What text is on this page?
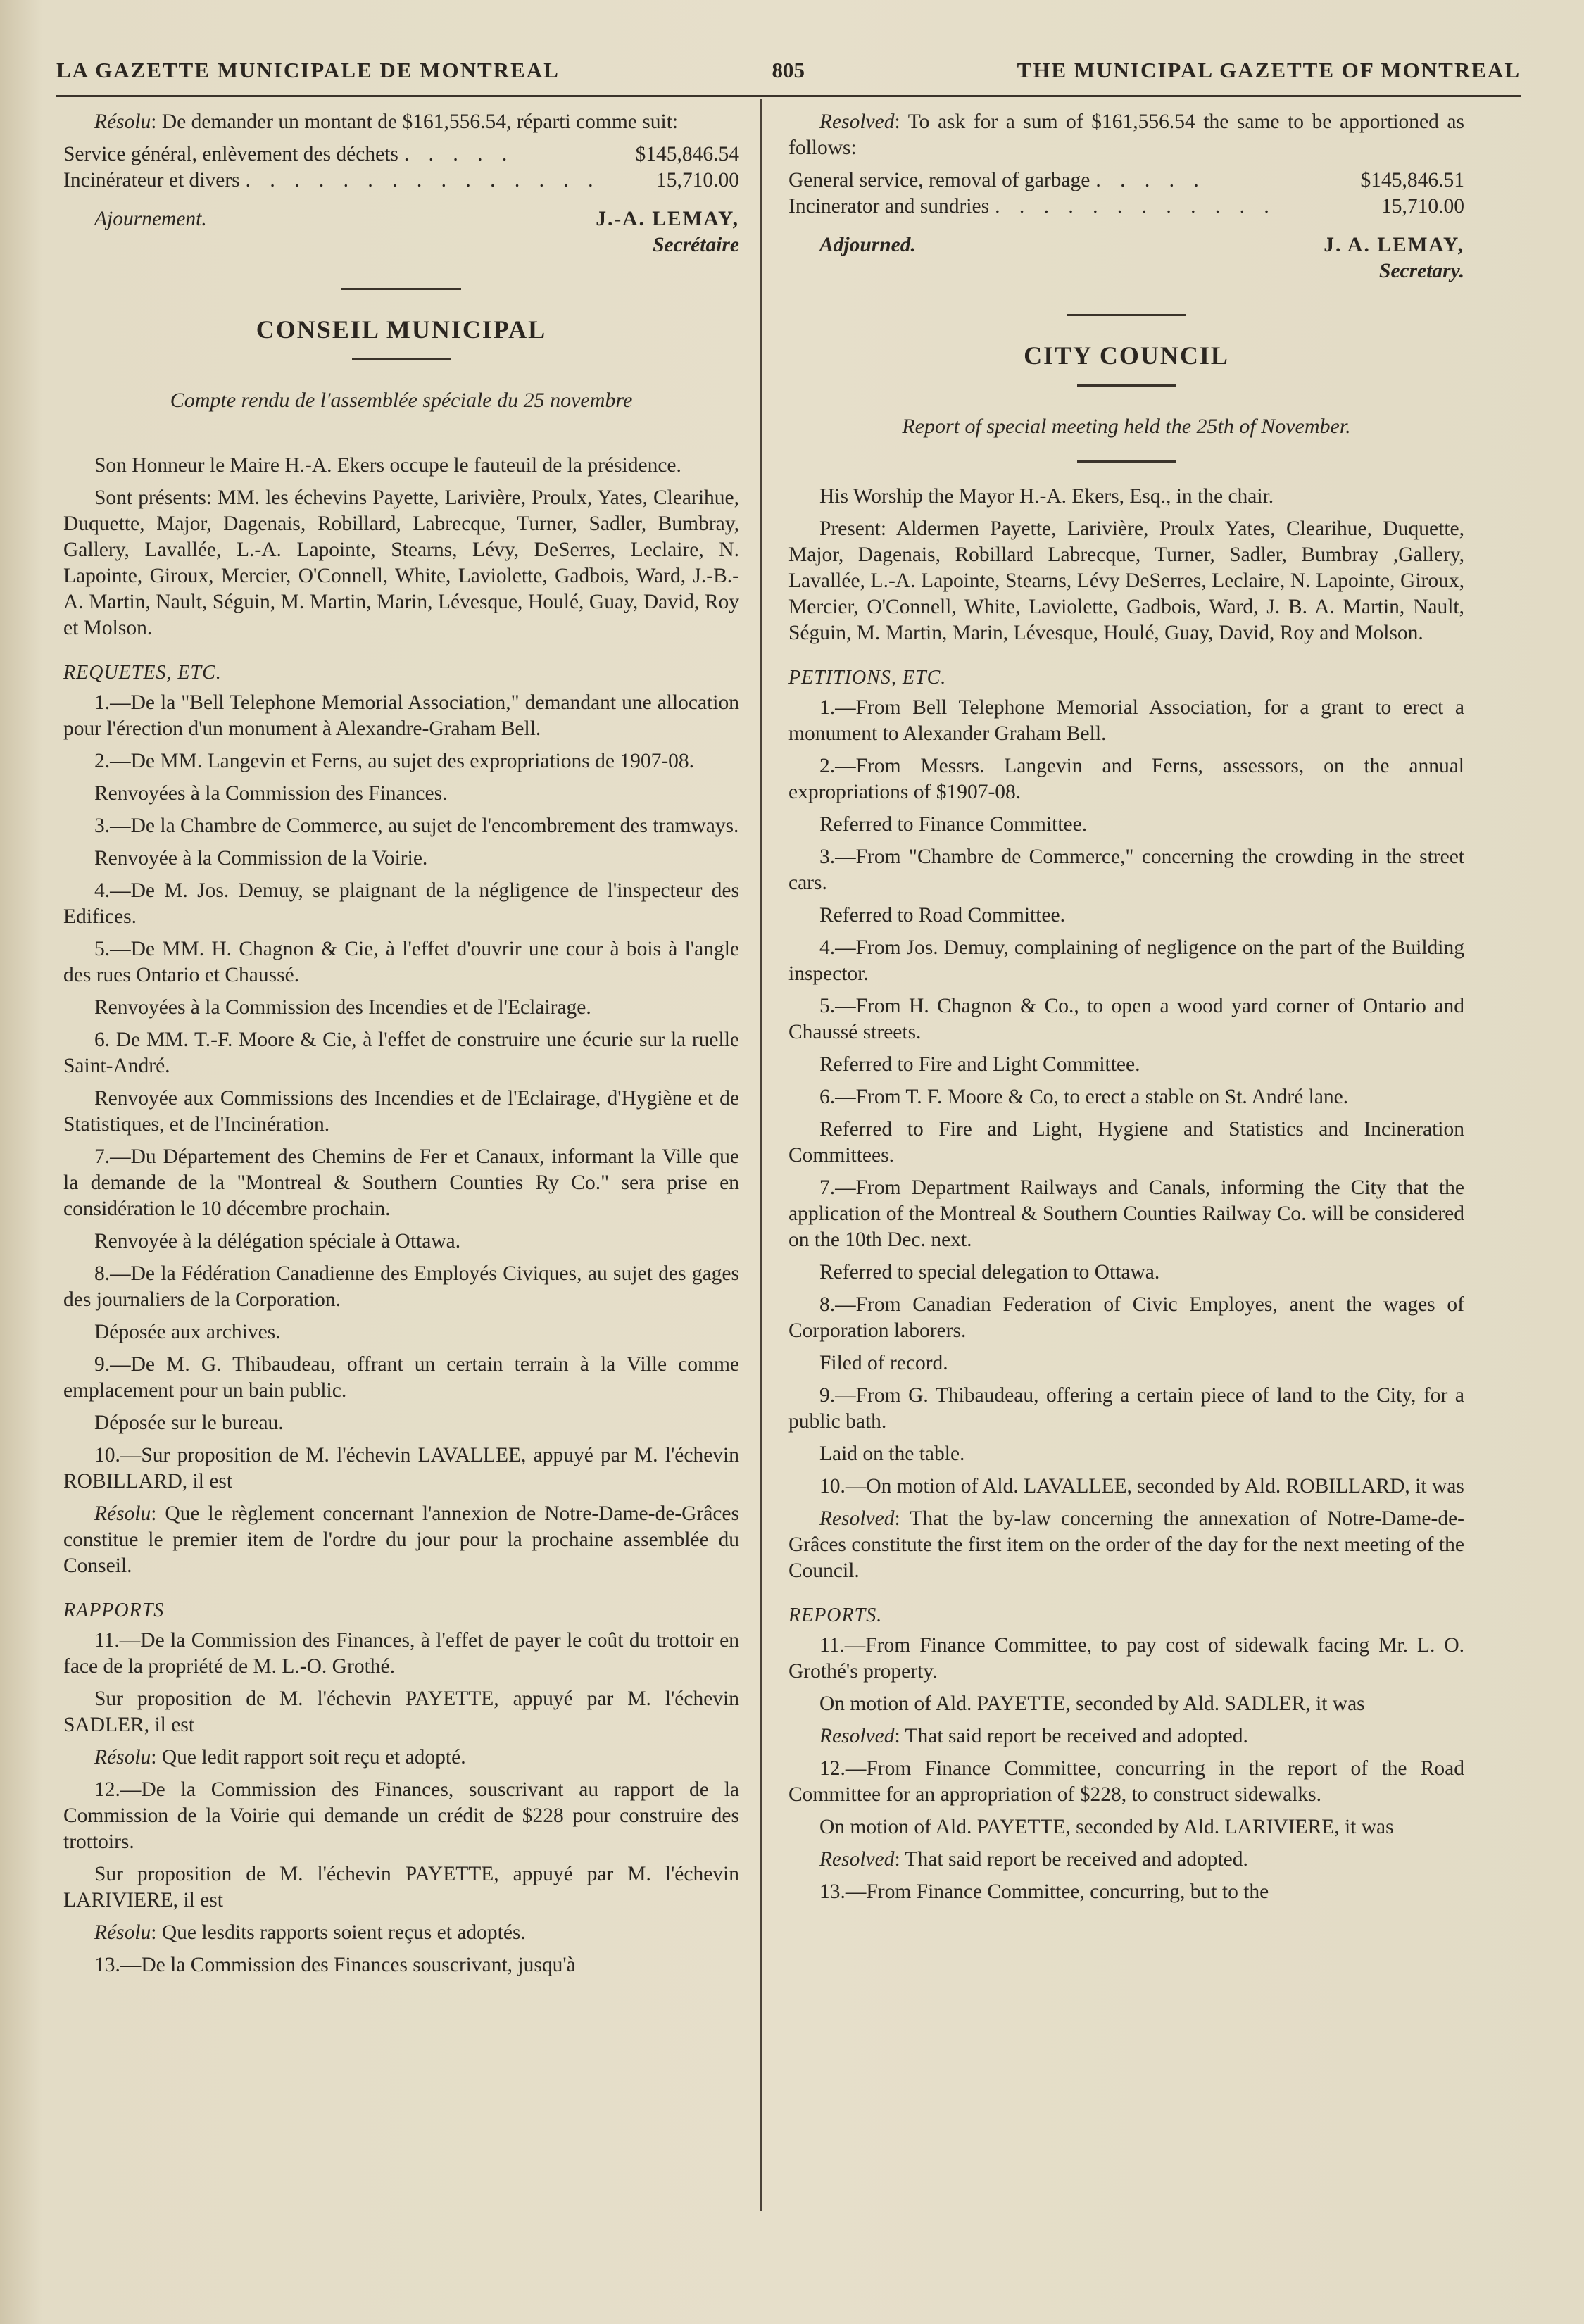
LA GAZETTE MUNICIPALE DE MONTREAL	805	THE MUNICIPAL GAZETTE OF MONTREAL

Résolu: De demander un montant de $161,556.54, réparti comme suit:

Service général, enlèvement des déchets . . . . .	$145,846.54
Incinérateur et divers . . . . . . . . . . . . . . .	15,710.00
Ajournement.	J.-A. LEMAY,
Secrétaire

CONSEIL MUNICIPAL

Compte rendu de l'assemblée spéciale du 25 novembre

Son Honneur le Maire H.-A. Ekers occupe le fauteuil de la présidence.

Sont présents: MM. les échevins Payette, Larivière, Proulx, Yates, Clearihue, Duquette, Major, Dagenais, Robillard, Labrecque, Turner, Sadler, Bumbray, Gallery, Lavallée, L.-A. Lapointe, Stearns, Lévy, DeSerres, Leclaire, N. Lapointe, Giroux, Mercier, O'Connell, White, Laviolette, Gadbois, Ward, J.-B.-A. Martin, Nault, Séguin, M. Martin, Marin, Lévesque, Houlé, Guay, David, Roy et Molson.

REQUETES, ETC.

1.—De la "Bell Telephone Memorial Association," demandant une allocation pour l'érection d'un monument à Alexandre-Graham Bell.

2.—De MM. Langevin et Ferns, au sujet des expropriations de 1907-08.

Renvoyées à la Commission des Finances.

3.—De la Chambre de Commerce, au sujet de l'encombrement des tramways.

Renvoyée à la Commission de la Voirie.

4.—De M. Jos. Demuy, se plaignant de la négligence de l'inspecteur des Edifices.

5.—De MM. H. Chagnon & Cie, à l'effet d'ouvrir une cour à bois à l'angle des rues Ontario et Chaussé.

Renvoyées à la Commission des Incendies et de l'Eclairage.

6. De MM. T.-F. Moore & Cie, à l'effet de construire une écurie sur la ruelle Saint-André.

Renvoyée aux Commissions des Incendies et de l'Eclairage, d'Hygiène et de Statistiques, et de l'Incinération.

7.—Du Département des Chemins de Fer et Canaux, informant la Ville que la demande de la "Montreal & Southern Counties Ry Co." sera prise en considération le 10 décembre prochain.

Renvoyée à la délégation spéciale à Ottawa.

8.—De la Fédération Canadienne des Employés Civiques, au sujet des gages des journaliers de la Corporation.

Déposée aux archives.

9.—De M. G. Thibaudeau, offrant un certain terrain à la Ville comme emplacement pour un bain public.

Déposée sur le bureau.

10.—Sur proposition de M. l'échevin LAVALLEE, appuyé par M. l'échevin ROBILLARD, il est

Résolu: Que le règlement concernant l'annexion de Notre-Dame-de-Grâces constitue le premier item de l'ordre du jour pour la prochaine assemblée du Conseil.

RAPPORTS

11.—De la Commission des Finances, à l'effet de payer le coût du trottoir en face de la propriété de M. L.-O. Grothé.

Sur proposition de M. l'échevin PAYETTE, appuyé par M. l'échevin SADLER, il est

Résolu: Que ledit rapport soit reçu et adopté.

12.—De la Commission des Finances, souscrivant au rapport de la Commission de la Voirie qui demande un crédit de $228 pour construire des trottoirs.

Sur proposition de M. l'échevin PAYETTE, appuyé par M. l'échevin LARIVIERE, il est

Résolu: Que lesdits rapports soient reçus et adoptés.

13.—De la Commission des Finances souscrivant, jusqu'à

Resolved: To ask for a sum of $161,556.54 the same to be apportioned as follows:

General service, removal of garbage . . . . .	$145,846.51
Incinerator and sundries . . . . . . . . . . . .	15,710.00
Adjourned.	J. A. LEMAY,
Secretary.

CITY COUNCIL

Report of special meeting held the 25th of November.

His Worship the Mayor H.-A. Ekers, Esq., in the chair.

Present: Aldermen Payette, Larivière, Proulx Yates, Clearihue, Duquette, Major, Dagenais, Robillard Labrecque, Turner, Sadler, Bumbray ,Gallery, Lavallée, L.-A. Lapointe, Stearns, Lévy DeSerres, Leclaire, N. Lapointe, Giroux, Mercier, O'Connell, White, Laviolette, Gadbois, Ward, J. B. A. Martin, Nault, Séguin, M. Martin, Marin, Lévesque, Houlé, Guay, David, Roy and Molson.

PETITIONS, ETC.

1.—From Bell Telephone Memorial Association, for a grant to erect a monument to Alexander Graham Bell.

2.—From Messrs. Langevin and Ferns, assessors, on the annual expropriations of $1907-08.

Referred to Finance Committee.

3.—From "Chambre de Commerce," concerning the crowding in the street cars.

Referred to Road Committee.

4.—From Jos. Demuy, complaining of negligence on the part of the Building inspector.

5.—From H. Chagnon & Co., to open a wood yard corner of Ontario and Chaussé streets.

Referred to Fire and Light Committee.

6.—From T. F. Moore & Co, to erect a stable on St. André lane.

Referred to Fire and Light, Hygiene and Statistics and Incineration Committees.

7.—From Department Railways and Canals, informing the City that the application of the Montreal & Southern Counties Railway Co. will be considered on the 10th Dec. next.

Referred to special delegation to Ottawa.

8.—From Canadian Federation of Civic Employes, anent the wages of Corporation laborers.

Filed of record.

9.—From G. Thibaudeau, offering a certain piece of land to the City, for a public bath.

Laid on the table.

10.—On motion of Ald. LAVALLEE, seconded by Ald. ROBILLARD, it was

Resolved: That the by-law concerning the annexation of Notre-Dame-de-Grâces constitute the first item on the order of the day for the next meeting of the Council.

REPORTS.

11.—From Finance Committee, to pay cost of sidewalk facing Mr. L. O. Grothé's property.

On motion of Ald. PAYETTE, seconded by Ald. SADLER, it was

Resolved: That said report be received and adopted.

12.—From Finance Committee, concurring in the report of the Road Committee for an appropriation of $228, to construct sidewalks.

On motion of Ald. PAYETTE, seconded by Ald. LARIVIERE, it was

Resolved: That said report be received and adopted.

13.—From Finance Committee, concurring, but to the
